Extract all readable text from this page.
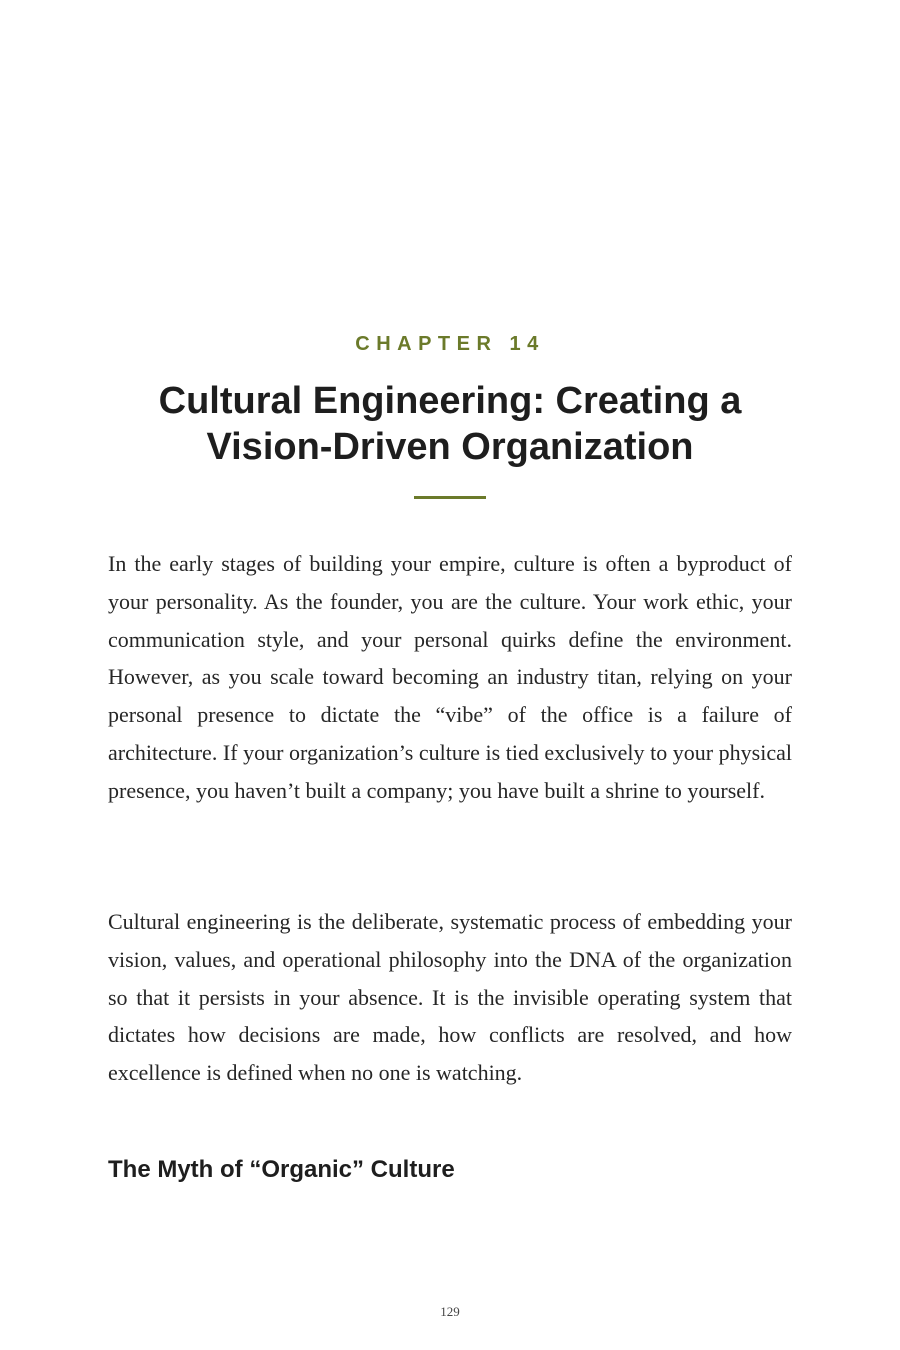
CHAPTER 14
Cultural Engineering: Creating a Vision-Driven Organization

In the early stages of building your empire, culture is often a byproduct of your personality. As the founder, you are the culture. Your work ethic, your communication style, and your personal quirks define the environment. However, as you scale toward becoming an industry titan, relying on your personal presence to dictate the “vibe” of the office is a failure of architecture. If your organization’s culture is tied exclusively to your physical presence, you haven’t built a company; you have built a shrine to yourself.

Cultural engineering is the deliberate, systematic process of embedding your vision, values, and operational philosophy into the DNA of the organization so that it persists in your absence. It is the invisible operating system that dictates how decisions are made, how conflicts are resolved, and how excellence is defined when no one is watching.

The Myth of “Organic” Culture
129
